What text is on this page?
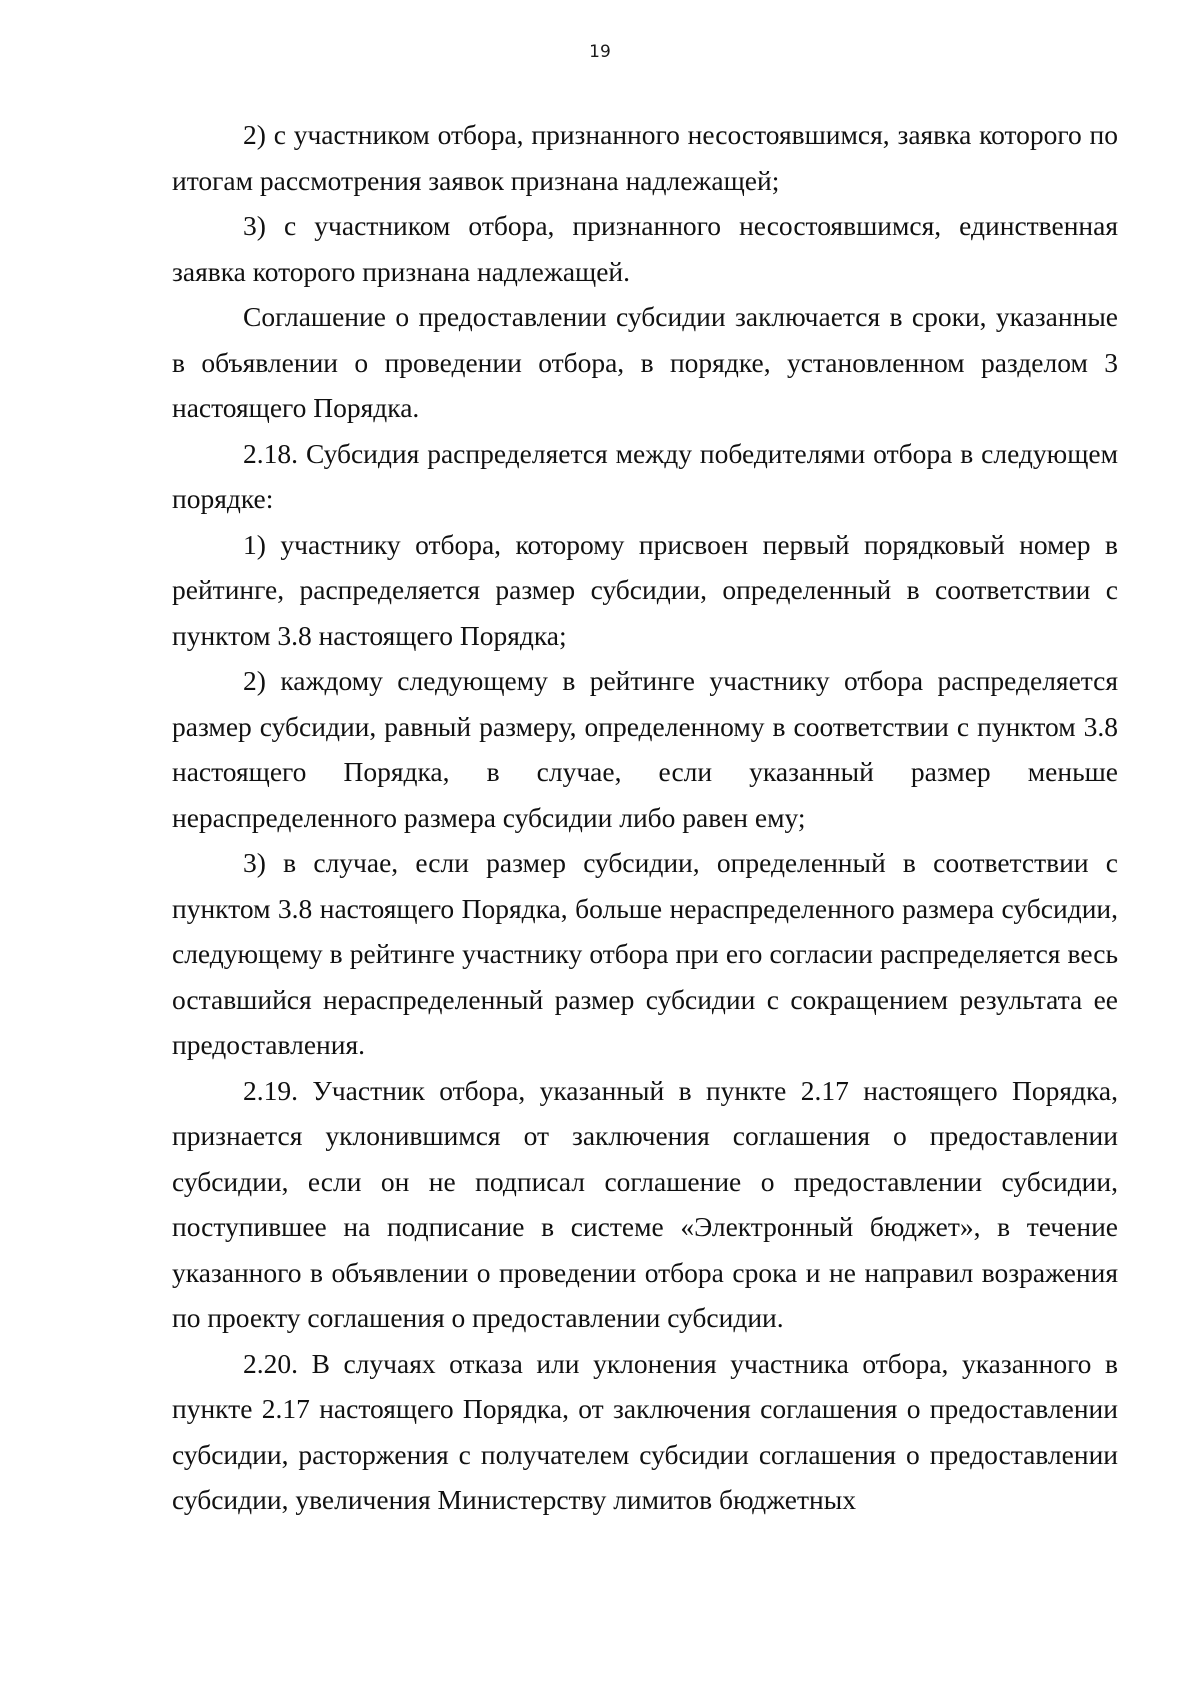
19

2) с участником отбора, признанного несостоявшимся, заявка которого по итогам рассмотрения заявок признана надлежащей;

3) с участником отбора, признанного несостоявшимся, единственная заявка которого признана надлежащей.

Соглашение о предоставлении субсидии заключается в сроки, указанные в объявлении о проведении отбора, в порядке, установленном разделом 3 настоящего Порядка.

2.18. Субсидия распределяется между победителями отбора в следующем порядке:

1) участнику отбора, которому присвоен первый порядковый номер в рейтинге, распределяется размер субсидии, определенный в соответствии с пунктом 3.8 настоящего Порядка;

2) каждому следующему в рейтинге участнику отбора распределяется размер субсидии, равный размеру, определенному в соответствии с пунктом 3.8 настоящего Порядка, в случае, если указанный размер меньше нераспределенного размера субсидии либо равен ему;

3) в случае, если размер субсидии, определенный в соответствии с пунктом 3.8 настоящего Порядка, больше нераспределенного размера субсидии, следующему в рейтинге участнику отбора при его согласии распределяется весь оставшийся нераспределенный размер субсидии с сокращением результата ее предоставления.

2.19. Участник отбора, указанный в пункте 2.17 настоящего Порядка, признается уклонившимся от заключения соглашения о предоставлении субсидии, если он не подписал соглашение о предоставлении субсидии, поступившее на подписание в системе «Электронный бюджет», в течение указанного в объявлении о проведении отбора срока и не направил возражения по проекту соглашения о предоставлении субсидии.

2.20. В случаях отказа или уклонения участника отбора, указанного в пункте 2.17 настоящего Порядка, от заключения соглашения о предоставлении субсидии, расторжения с получателем субсидии соглашения о предоставлении субсидии, увеличения Министерству лимитов бюджетных
